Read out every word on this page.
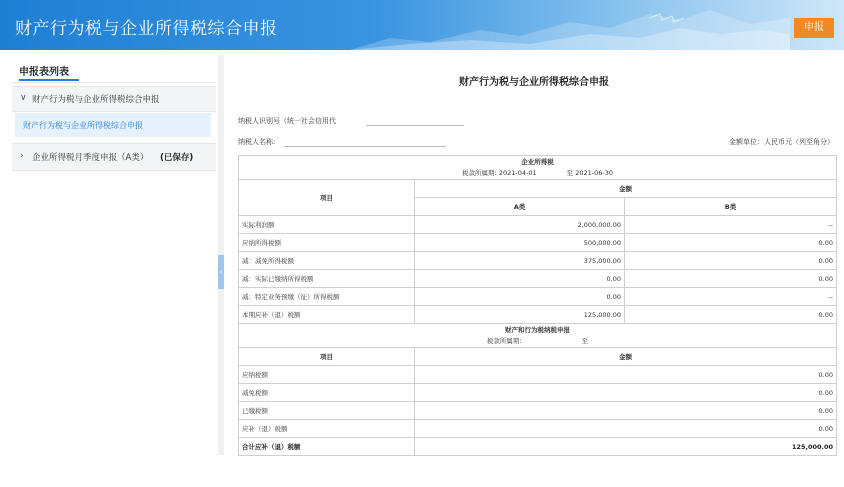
财产行为税与企业所得税综合申报	申报
申报表列表
∨ 财产行为税与企业所得税综合申报
财产行为税与企业所得税综合申报
› 企业所得税月季度申报（A类） (已保存)
‹
财产行为税与企业所得税综合申报
纳税人识别号（统一社会信用代
纳税人名称:	金额单位：人民币元（列至角分）
企业所得税		
税款所属期: 2021-04-01 至 2021-06-30		
项目	金额	
	A类	B类
实际利润额	2,000,000.00	--
应纳所得税额	500,000.00	0.00
减：减免所得税额	375,000.00	0.00
减：实际已缴纳所得税额	0.00	0.00
减：特定业务预缴（征）所得税额	0.00	--
本期应补（退）税额	125,000.00	0.00
财产和行为税纳税申报		
税款所属期: 至		
项目	金额	
应纳税额	0.00	
减免税额	0.00	
已缴税额	0.00	
应补（退）税额	0.00	
合计应补（退）税额	125,000.00	
